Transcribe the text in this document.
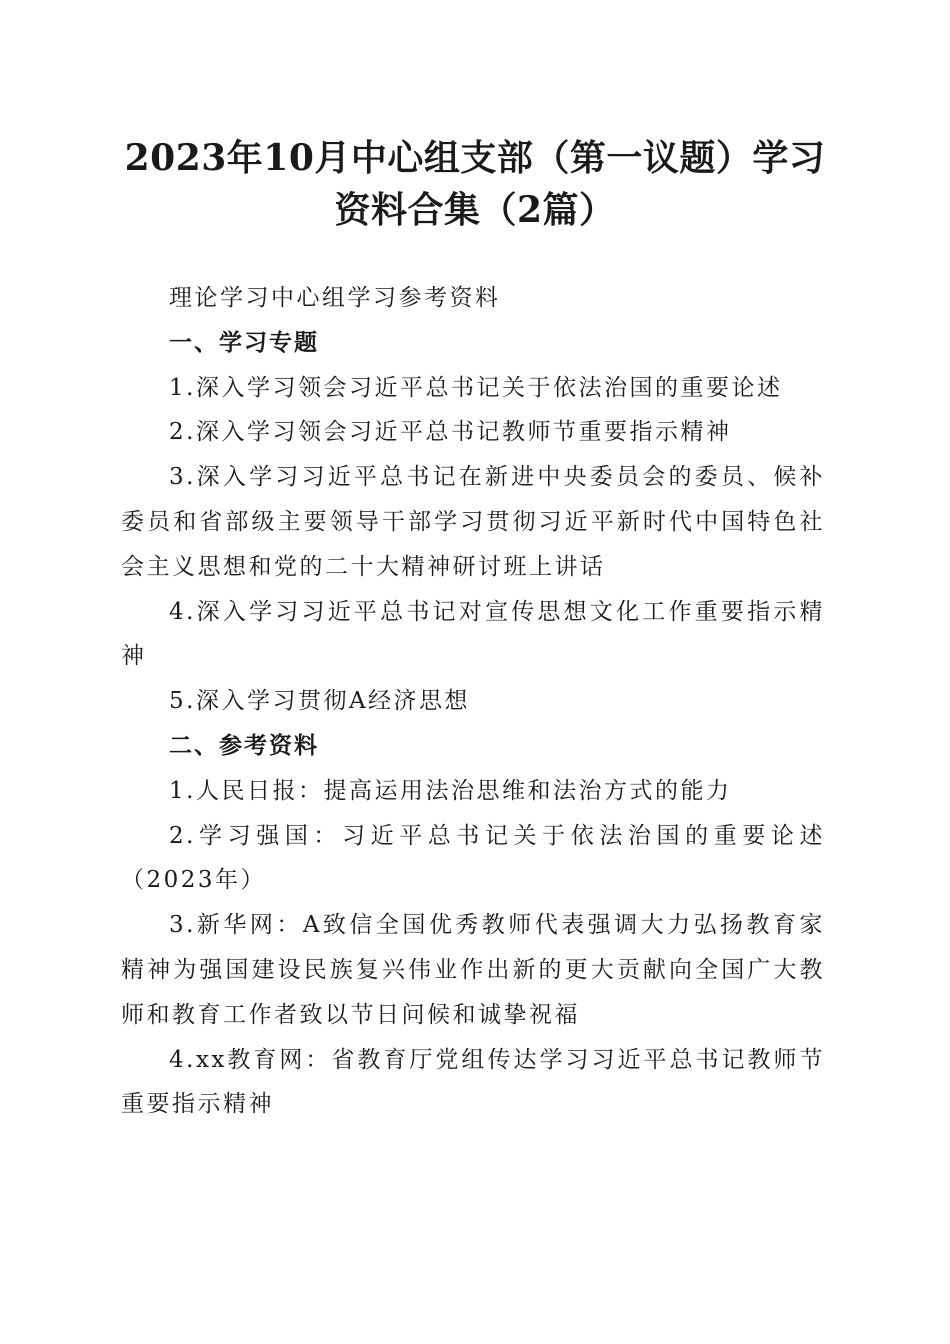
2023年10月中心组支部（第一议题）学习资料合集（2篇）

理论学习中心组学习参考资料

一、学习专题

1.深入学习领会习近平总书记关于依法治国的重要论述

2.深入学习领会习近平总书记教师节重要指示精神

3.深入学习习近平总书记在新进中央委员会的委员、候补委员和省部级主要领导干部学习贯彻习近平新时代中国特色社会主义思想和党的二十大精神研讨班上讲话

4.深入学习习近平总书记对宣传思想文化工作重要指示精神

5.深入学习贯彻A经济思想

二、参考资料

1.人民日报：提高运用法治思维和法治方式的能力

2.学习强国：习近平总书记关于依法治国的重要论述（2023年）

3.新华网：A致信全国优秀教师代表强调大力弘扬教育家精神为强国建设民族复兴伟业作出新的更大贡献向全国广大教师和教育工作者致以节日问候和诚挚祝福

4.xx教育网：省教育厅党组传达学习习近平总书记教师节重要指示精神
